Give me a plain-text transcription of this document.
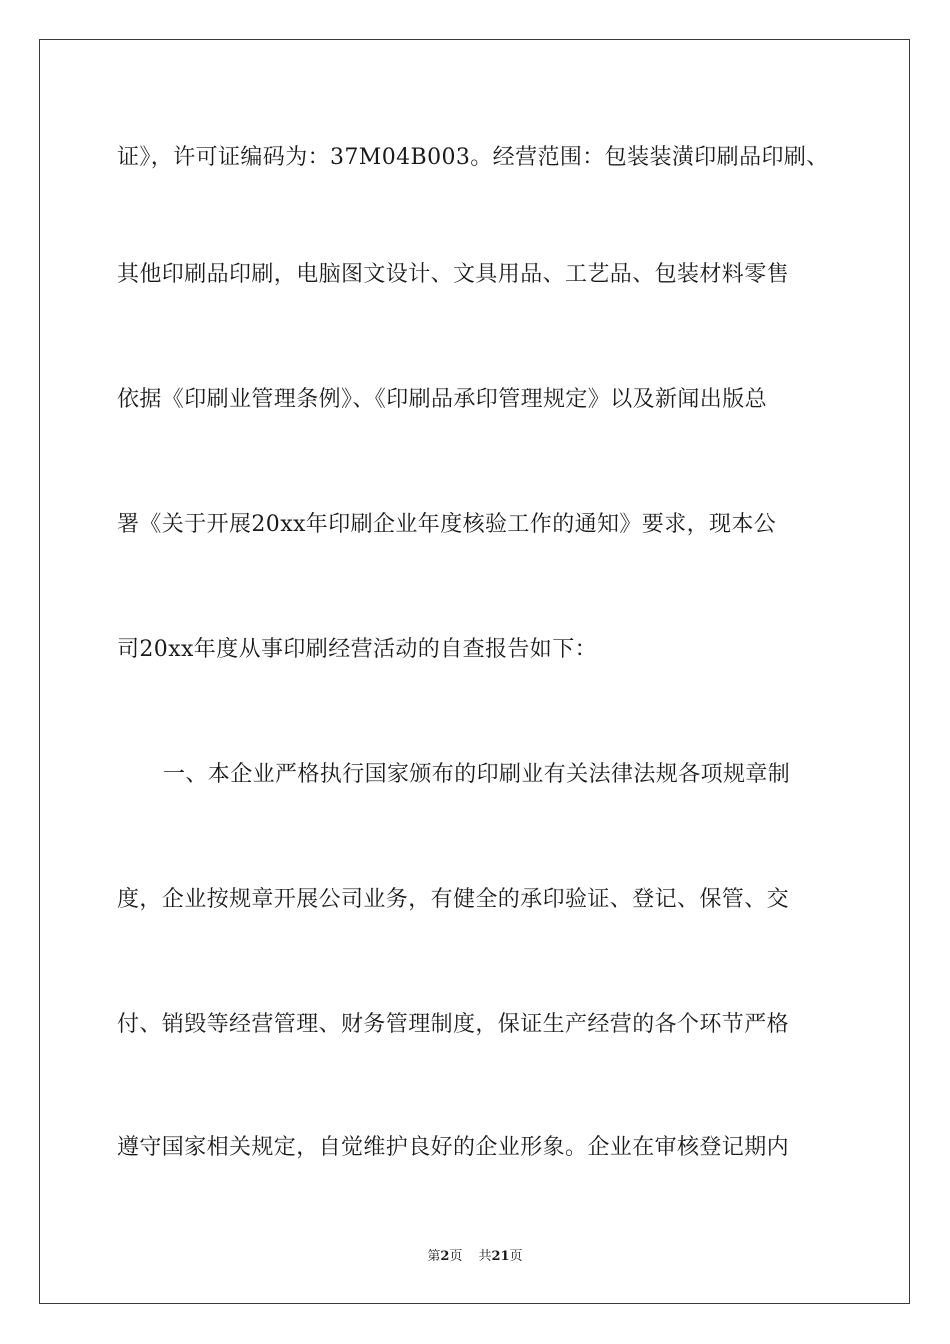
证》，许可证编码为：37M04B003。经营范围：包装装潢印刷品印刷、
其他印刷品印刷，电脑图文设计、文具用品、工艺品、包装材料零售
依据《印刷业管理条例》、《印刷品承印管理规定》以及新闻出版总
署《关于开展20xx年印刷企业年度核验工作的通知》要求，现本公
司20xx年度从事印刷经营活动的自查报告如下：
一、本企业严格执行国家颁布的印刷业有关法律法规各项规章制
度，企业按规章开展公司业务，有健全的承印验证、登记、保管、交
付、销毁等经营管理、财务管理制度，保证生产经营的各个环节严格
遵守国家相关规定，自觉维护良好的企业形象。企业在审核登记期内
第2页 共21页
